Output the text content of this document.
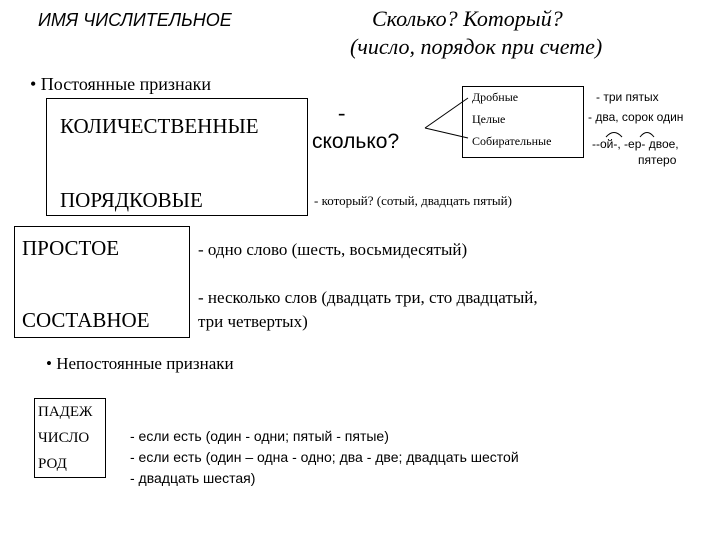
ИМЯ ЧИСЛИТЕЛЬНОЕ	Сколько? Который?
(число, порядок при счете)
• Постоянные признаки
КОЛИЧЕСТВЕННЫЕ
ПОРЯДКОВЫЕ
-
сколько?
Дробные
Целые
Собирательные
- три пятых
- два, сорок один
--ой-, -ер- двое,
пятеро
- который? (сотый, двадцать пятый)
ПРОСТОЕ
СОСТАВНОЕ
- одно слово (шесть, восьмидесятый)
- несколько слов (двадцать три, сто двадцатый,
три четвертых)
• Непостоянные признаки
ПАДЕЖ
ЧИСЛО
РОД
- если есть (один - одни; пятый - пятые)
- если есть (один – одна - одно; два - две; двадцать шестой
- двадцать шестая)
